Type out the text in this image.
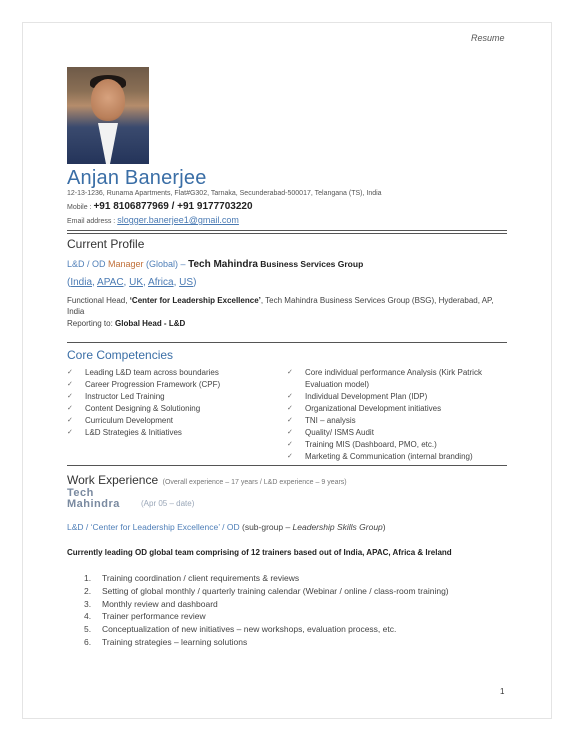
Resume
Anjan Banerjee
12-13-1236, Runama Apartments, Flat#G302, Tarnaka, Secunderabad-500017, Telangana (TS), India
Mobile : +91 8106877969 / +91 9177703220
Email address : slogger.banerjee1@gmail.com
Current Profile
L&D / OD Manager (Global) – Tech Mahindra Business Services Group
(India, APAC, UK, Africa, US)
Functional Head, ‘Center for Leadership Excellence’, Tech Mahindra Business Services Group (BSG), Hyderabad, AP, India
Reporting to: Global Head - L&D
Core Competencies
✓ Leading L&D team across boundaries
✓ Career Progression Framework (CPF)
✓ Instructor Led Training
✓ Content Designing & Solutioning
✓ Curriculum Development
✓ L&D Strategies & Initiatives
✓ Core individual performance Analysis (Kirk Patrick
Evaluation model)
✓ Individual Development Plan (IDP)
✓ Organizational Development initiatives
✓ TNI – analysis
✓ Quality/ ISMS Audit
✓ Training MIS (Dashboard, PMO, etc.)
✓ Marketing & Communication (internal branding)
Work Experience (Overall experience – 17 years / L&D experience – 9 years)
Tech
Mahindra	(Apr 05 – date)
L&D / ‘Center for Leadership Excellence’ / OD (sub-group – Leadership Skills Group)
Currently leading OD global team comprising of 12 trainers based out of India, APAC, Africa & Ireland
1. Training coordination / client requirements & reviews
2. Setting of global monthly / quarterly training calendar (Webinar / online / class-room training)
3. Monthly review and dashboard
4. Trainer performance review
5. Conceptualization of new initiatives – new workshops, evaluation process, etc.
6. Training strategies – learning solutions
1
